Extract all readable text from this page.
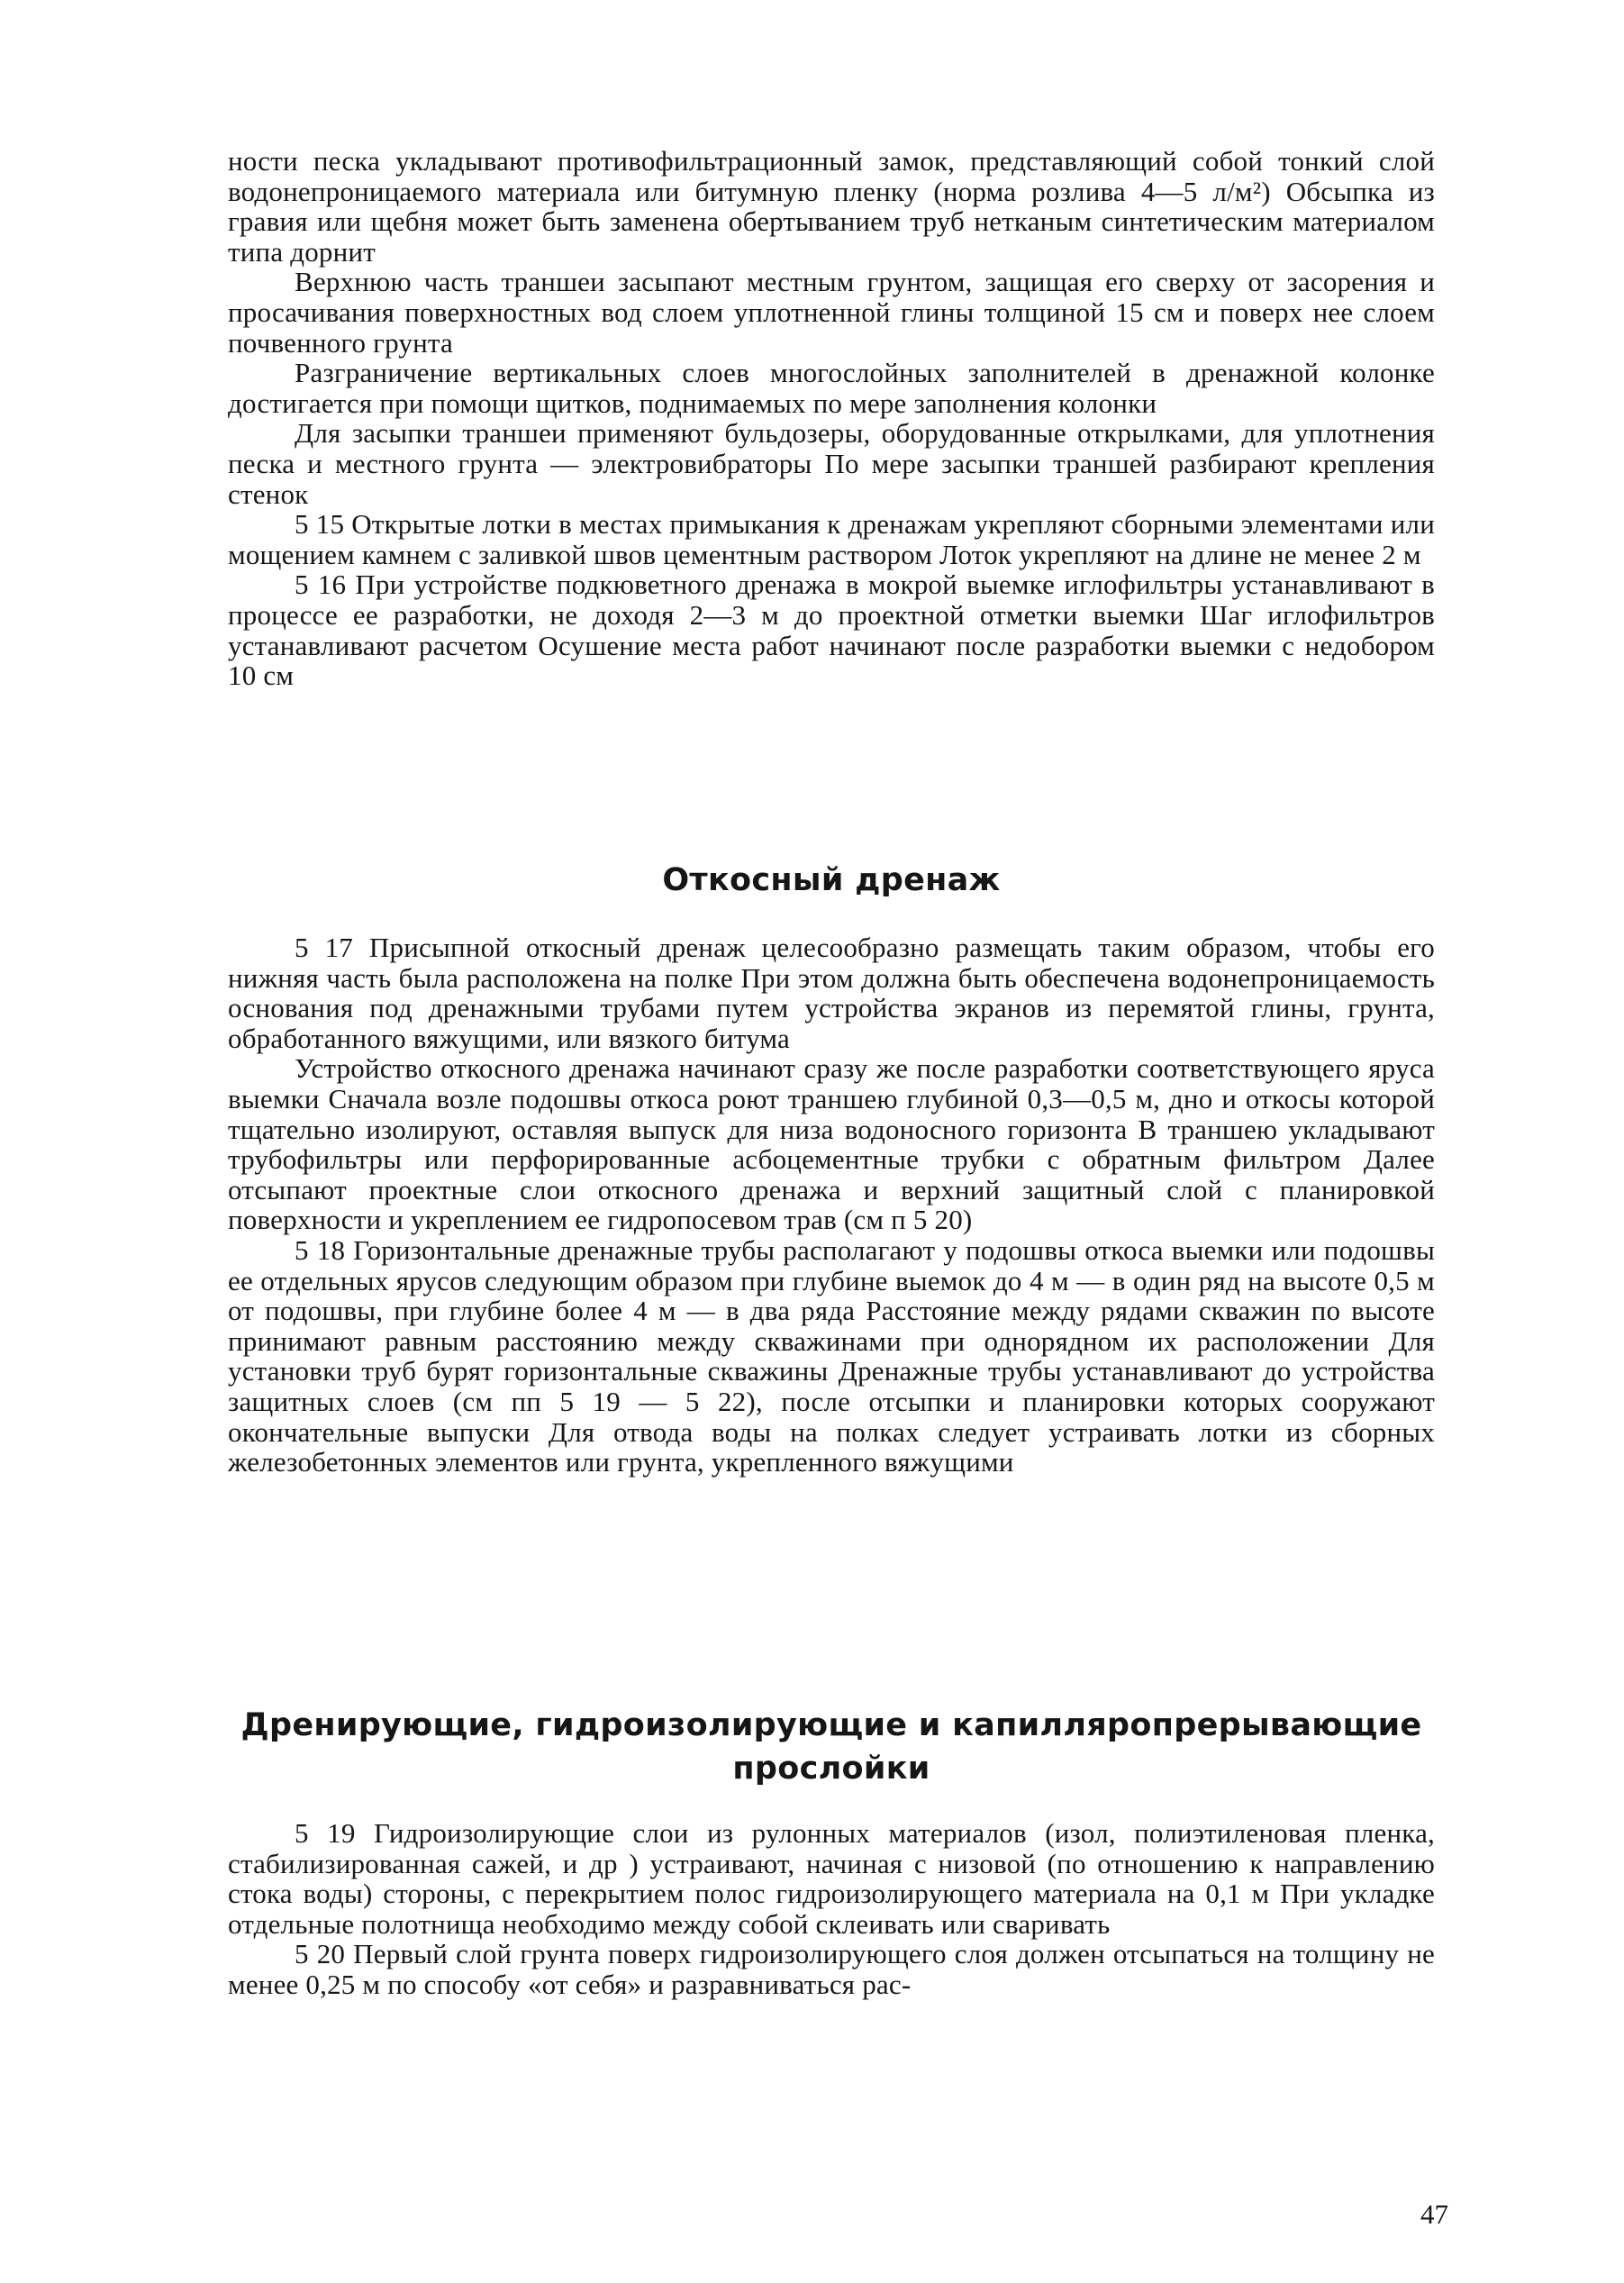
ности песка укладывают противофильтрационный замок, представляющий собой тонкий слой водонепроницаемого материала или битумную пленку (норма розлива 4—5 л/м²) Обсыпка из гравия или щебня может быть заменена обертыванием труб нетканым синтетическим материалом типа дорнит

Верхнюю часть траншеи засыпают местным грунтом, защищая его сверху от засорения и просачивания поверхностных вод слоем уплотненной глины толщиной 15 см и поверх нее слоем почвенного грунта

Разграничение вертикальных слоев многослойных заполнителей в дренажной колонке достигается при помощи щитков, поднимаемых по мере заполнения колонки

Для засыпки траншеи применяют бульдозеры, оборудованные открылками, для уплотнения песка и местного грунта — электровибраторы По мере засыпки траншей разбирают крепления стенок

5 15 Открытые лотки в местах примыкания к дренажам укрепляют сборными элементами или мощением камнем с заливкой швов цементным раствором Лоток укрепляют на длине не менее 2 м

5 16 При устройстве подкюветного дренажа в мокрой выемке иглофильтры устанавливают в процессе ее разработки, не доходя 2—3 м до проектной отметки выемки Шаг иглофильтров устанавливают расчетом Осушение места работ начинают после разработки выемки с недобором 10 см

Откосный дренаж

5 17 Присыпной откосный дренаж целесообразно размещать таким образом, чтобы его нижняя часть была расположена на полке При этом должна быть обеспечена водонепроницаемость основания под дренажными трубами путем устройства экранов из перемятой глины, грунта, обработанного вяжущими, или вязкого битума

Устройство откосного дренажа начинают сразу же после разработки соответствующего яруса выемки Сначала возле подошвы откоса роют траншею глубиной 0,3—0,5 м, дно и откосы которой тщательно изолируют, оставляя выпуск для низа водоносного горизонта В траншею укладывают трубофильтры или перфорированные асбоцементные трубки с обратным фильтром Далее отсыпают проектные слои откосного дренажа и верхний защитный слой с планировкой поверхности и укреплением ее гидропосевом трав (см п 5 20)

5 18 Горизонтальные дренажные трубы располагают у подошвы откоса выемки или подошвы ее отдельных ярусов следующим образом при глубине выемок до 4 м — в один ряд на высоте 0,5 м от подошвы, при глубине более 4 м — в два ряда Расстояние между рядами скважин по высоте принимают равным расстоянию между скважинами при однорядном их расположении Для установки труб бурят горизонтальные скважины Дренажные трубы устанавливают до устройства защитных слоев (см пп 5 19 — 5 22), после отсыпки и планировки которых сооружают окончательные выпуски Для отвода воды на полках следует устраивать лотки из сборных железобетонных элементов или грунта, укрепленного вяжущими

Дренирующие, гидроизолирующие и капилляропрерывающие прослойки

5 19 Гидроизолирующие слои из рулонных материалов (изол, полиэтиленовая пленка, стабилизированная сажей, и др ) устраивают, начиная с низовой (по отношению к направлению стока воды) стороны, с перекрытием полос гидроизолирующего материала на 0,1 м При укладке отдельные полотнища необходимо между собой склеивать или сваривать

5 20 Первый слой грунта поверх гидроизолирующего слоя должен отсыпаться на толщину не менее 0,25 м по способу «от себя» и разравниваться рас-

47
